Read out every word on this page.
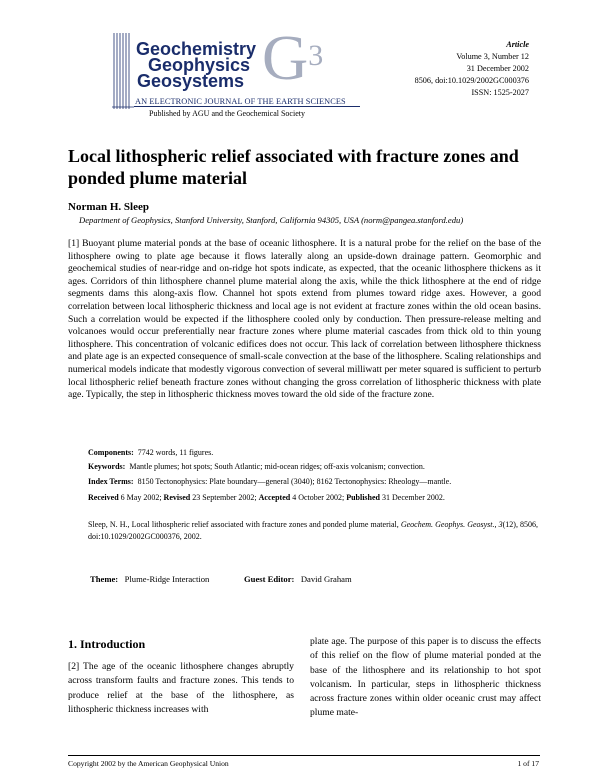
Geochemistry
Geophysics
Geosystems $G^3$
AN ELECTRONIC JOURNAL OF THE EARTH SCIENCES
Published by AGU and the Geochemical Society
Article
Volume 3, Number 12
31 December 2002
8506, doi:10.1029/2002GC000376
ISSN: 1525-2027
Local lithospheric relief associated with fracture zones and ponded plume material
Norman H. Sleep
Department of Geophysics, Stanford University, Stanford, California 94305, USA (norm@pangea.stanford.edu)
[1] Buoyant plume material ponds at the base of oceanic lithosphere. It is a natural probe for the relief on the base of the lithosphere owing to plate age because it flows laterally along an upside-down drainage pattern. Geomorphic and geochemical studies of near-ridge and on-ridge hot spots indicate, as expected, that the oceanic lithosphere thickens as it ages. Corridors of thin lithosphere channel plume material along the axis, while the thick lithosphere at the end of ridge segments dams this along-axis flow. Channel hot spots extend from plumes toward ridge axes. However, a good correlation between local lithospheric thickness and local age is not evident at fracture zones within the old ocean basins. Such a correlation would be expected if the lithosphere cooled only by conduction. Then pressure-release melting and volcanoes would occur preferentially near fracture zones where plume material cascades from thick old to thin young lithosphere. This concentration of volcanic edifices does not occur. This lack of correlation between lithosphere thickness and plate age is an expected consequence of small-scale convection at the base of the lithosphere. Scaling relationships and numerical models indicate that modestly vigorous convection of several milliwatt per meter squared is sufficient to perturb local lithospheric relief beneath fracture zones without changing the gross correlation of lithospheric thickness with plate age. Typically, the step in lithospheric thickness moves toward the old side of the fracture zone.
Components: 7742 words, 11 figures.
Keywords: Mantle plumes; hot spots; South Atlantic; mid-ocean ridges; off-axis volcanism; convection.
Index Terms: 8150 Tectonophysics: Plate boundary—general (3040); 8162 Tectonophysics: Rheology—mantle.
Received 6 May 2002; Revised 23 September 2002; Accepted 4 October 2002; Published 31 December 2002.
Sleep, N. H., Local lithospheric relief associated with fracture zones and ponded plume material, Geochem. Geophys. Geosyst., 3(12), 8506, doi:10.1029/2002GC000376, 2002.
Theme: Plume-Ridge Interaction	Guest Editor: David Graham
1. Introduction
[2] The age of the oceanic lithosphere changes abruptly across transform faults and fracture zones. This tends to produce relief at the base of the lithosphere, as lithospheric thickness increases with
plate age. The purpose of this paper is to discuss the effects of this relief on the flow of plume material ponded at the base of the lithosphere and its relationship to hot spot volcanism. In particular, steps in lithospheric thickness across fracture zones within older oceanic crust may affect plume mate-
Copyright 2002 by the American Geophysical Union	1 of 17
